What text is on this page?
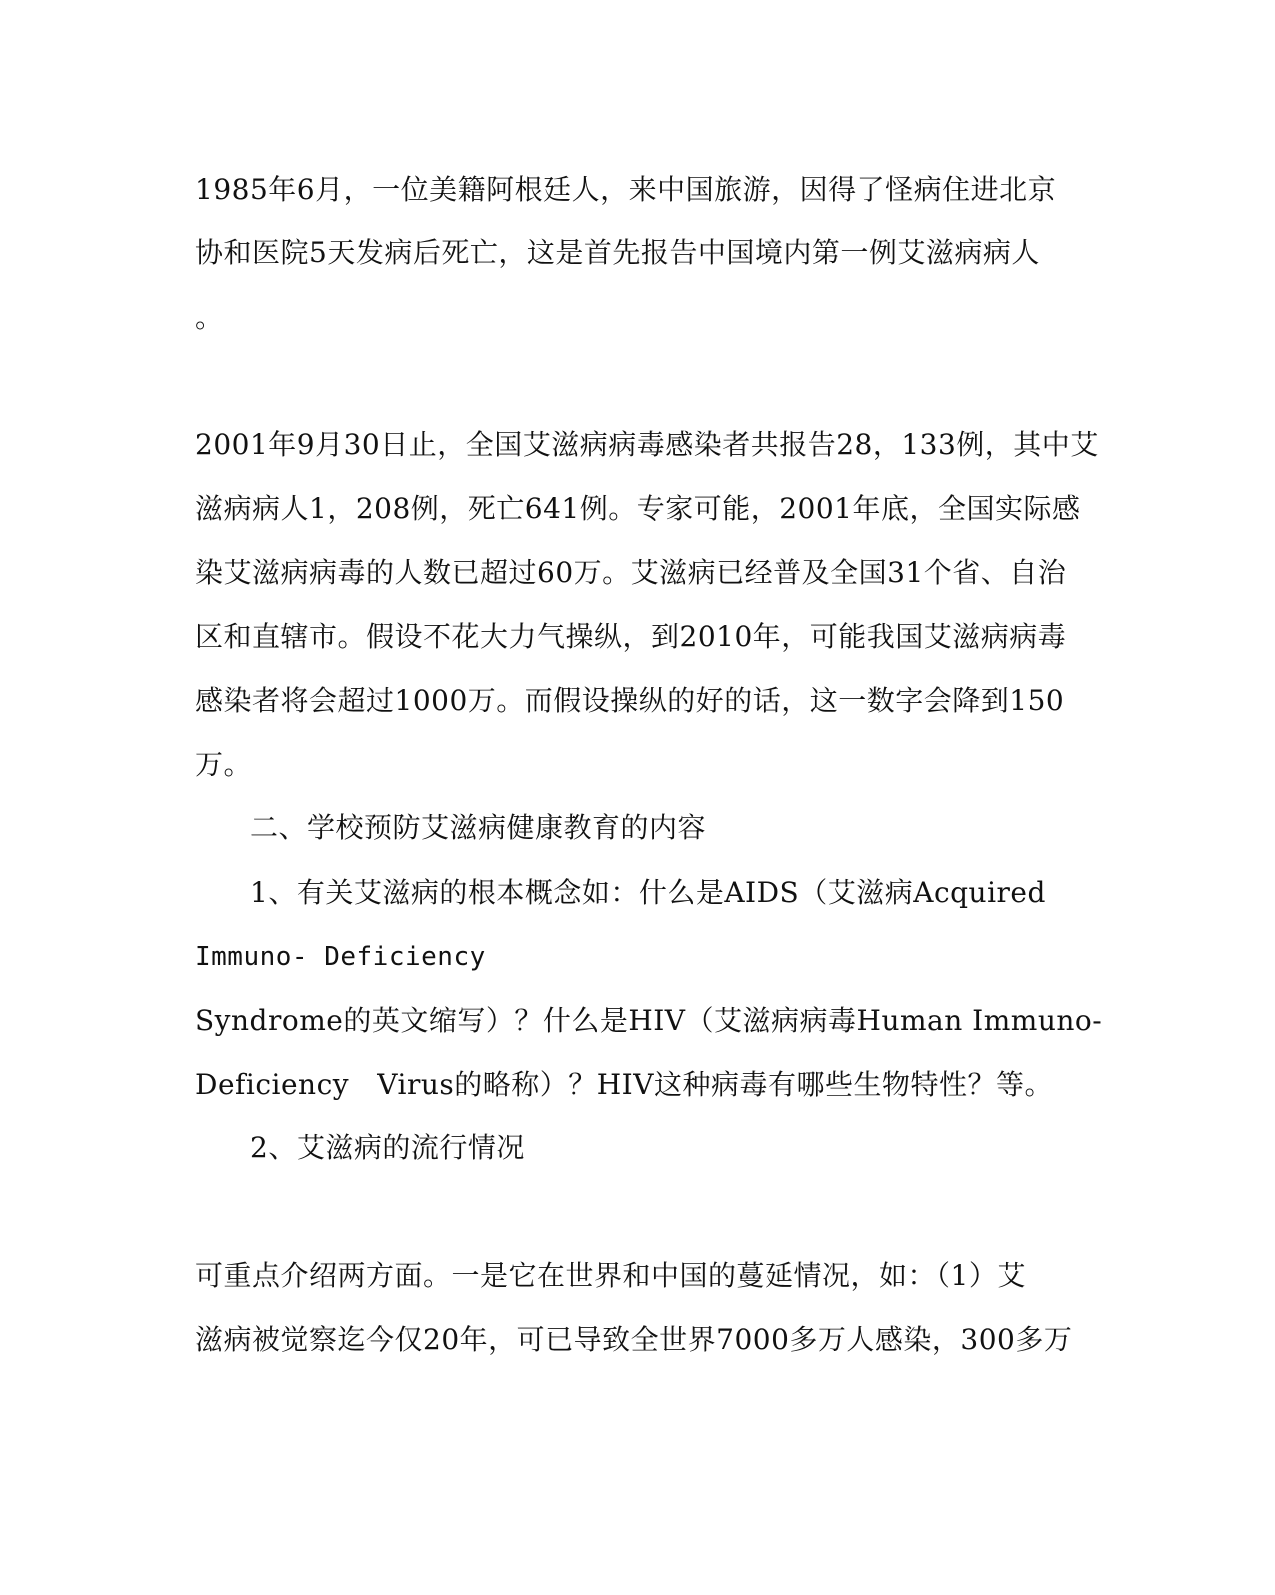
1985年6月，一位美籍阿根廷人，来中国旅游，因得了怪病住进北京
协和医院5天发病后死亡，这是首先报告中国境内第一例艾滋病病人
。
2001年9月30日止，全国艾滋病病毒感染者共报告28，133例，其中艾
滋病病人1，208例，死亡641例。专家可能，2001年底，全国实际感
染艾滋病病毒的人数已超过60万。艾滋病已经普及全国31个省、自治
区和直辖市。假设不花大力气操纵，到2010年，可能我国艾滋病病毒
感染者将会超过1000万。而假设操纵的好的话，这一数字会降到150
万。
二、学校预防艾滋病健康教育的内容
1、有关艾滋病的根本概念如：什么是AIDS（艾滋病Acquired
Immuno- Deficiency
Syndrome的英文缩写）？什么是HIV（艾滋病病毒Human Immuno-
Deficiency   Virus的略称）？HIV这种病毒有哪些生物特性？等。
2、艾滋病的流行情况
可重点介绍两方面。一是它在世界和中国的蔓延情况，如：（1）艾
滋病被觉察迄今仅20年，可已导致全世界7000多万人感染，300多万
